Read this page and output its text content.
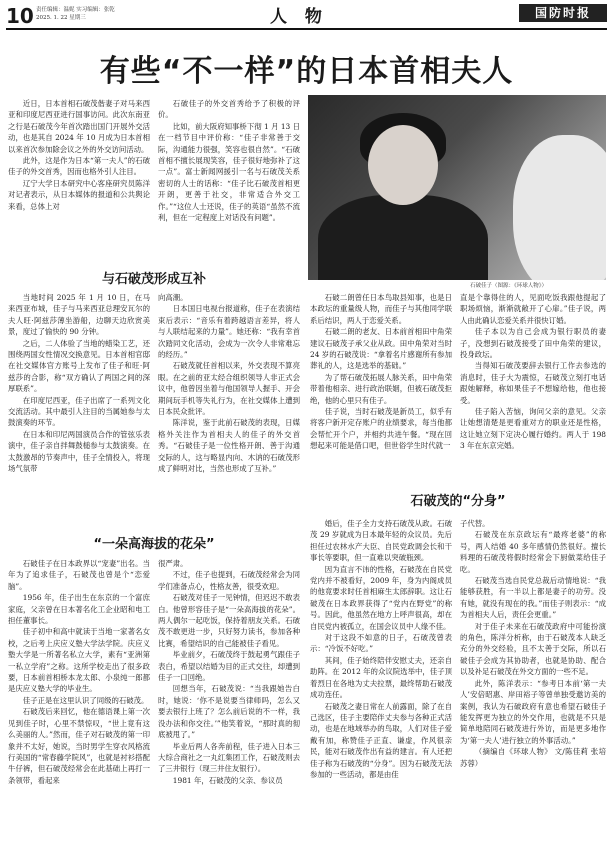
10 责任编辑：温妮 实习编辑：张乾
2025. 1. 22 星期三	人 物	国防时报
有些“不一样”的日本首相夫人
石破佳子（图源：《环球人物》）

近日，日本首相石破茂偕妻子对马来西亚和印度尼西亚进行国事访问。此次东南亚之行是石破茂今年首次踏出国门开展外交活动，也是其自 2024 年 10 月成为日本首相以来首次参加除会议之外的外交访问活动。

此外，这是作为日本“第一夫人”的石破佳子的外交首秀，因而也格外引人注目。

辽宁大学日本研究中心客座研究员陈洋对记者表示，从日本媒体的报道和公共舆论来看，总体上对

石破佳子的外交首秀给予了积极的评价。

比如，前大阪府知事桥下彻 1 月 13 日在一档节目中评价称：“佳子非常善于交际，沟通能力很强，笑容也很自然”。“石破首相不擅长展现笑容，佳子很好地弥补了这一点”。富士新闻网援引一名与石破茂关系密切的人士的话称：“佳子比石破茂首相更开朗，更善于社交，非常适合外交工作。”“这位人士还说，佳子的英语“虽然不流利，但在一定程度上对话没有问题”。

与石破茂形成互补

当地时间 2025 年 1 月 10 日，在马来西亚布城，佳子与马来西亚总理安瓦尔的夫人旺·阿兹莎薄坐游船，边聊天边欣赏美景，度过了愉快的 90 分钟。

之后，二人体验了当地的蜡染工艺，还围绕两国女性情况交换意见。日本首相官邸在社交媒体官方账号上发布了佳子和旺·阿兹莎的合影，称“双方确认了两国之间的深厚联系”。

在印度尼西亚，佳子出席了一系列文化交流活动。其中最引人注目的当属她参与太鼓演奏的环节。

在日本和印尼两国演员合作的管弦乐表演中，佳子亲自拌舞鼓槌参与太鼓演奏。在太鼓激昂的节奏声中，佳子全情投入，将现场气氛带

向高潮。

日本国日电视台报道称，佳子在表演结束后表示：“音乐有着跨越语言差异，将人与人联结起来的力量”。她还称：“我有幸首次踏同文化活动，会成为一次令人非常难忘的经历。”

石破茂就任首相以来，外交表现不算亮眼。在之前的亚太经合组织领导人非正式会议中，他曾因坐着与他国领导人握手、开会期间玩手机等失礼行为，在社交媒体上遭到日本民众批评。

陈洋说，鉴于此前石破茂的表现，日媒格外关注作为首相夫人的佳子的外交首秀。“石破佳子是一位性格开朗、善于沟通交际的人，这与略显内向、木讷的石破茂形成了鲜明对比，当然也形成了互补。”

石破二朗曾任日本鸟取县知事，也是日本政坛的重量级人物，而佳子与其他同学联系后结识，两人于恋爱关系。

石破二朗的老友、日本前首相田中角荣建议石破茂子承父业从政。田中角荣对当时 24 岁的石破茂说：“拿着名片感谢所有参加葬礼的人，这是选举的基础。”

为了帮石破茂拓展人脉关系，田中角荣带着他相亲、进行政治联姻，但被石破茂拒绝，他的心里只有佳子。

佳子说，当时石破茂是新员工，似乎有将客户新开定存账户的业绩要求，每当他都会帮忙开个户，并相约共进午餐。“现在回想起来可能是借口吧，但世俗学生时代就一

直是个靠得住的人，见面吃饭我跟他提起了职场烦恼，渐渐就敞开了心扉。”佳子说，两人由此确认恋爱关系并很快订婚。

佳子本以为自己会成为银行职员的妻子，没想到石破茂接受了田中角荣的建议，投身政坛。

当得知石破茂要辞去银行工作去参选的消息时，佳子大为震惊，石破茂立刻打电话跟她解释，称如果佳子不想嫁给他，他也接受。

佳子陷入苦恼，询问父亲的意见。父亲让她想清楚是更看重对方的职业还是性格，这让她立刻下定决心履行婚约。两人于 1983 年在东京完婚。

石破茂的“分身”
“一朵高海拔的花朵”

石破佳子在日本政界以“宠妻”出名。当年为了追求佳子，石破茂也曾是个“恋爱脑”。

1956 年，佳子出生在东京的一个富庶家庭，父亲曾在日本著名化工企业昭和电工担任董事长。

佳子初中和高中就读于当地一家著名女校，之后考上庆应义塾大学法学院。庆应义塾大学是一所著名私立大学，素有“亚洲第一私立学府”之称。这所学校走出了很多政要，日本前首相桥本龙太郎、小泉纯一郎都是庆应义塾大学的毕业生。

佳子正是在这里认识了同级的石破茂。

石破茂后来回忆，他在德语课上第一次见到佳子时，心里不禁惊叹，“世上竟有这么美丽的人。”然而，佳子对石破茂的第一印象并不太好，她说，当时男学生穿衣风格流行美国的“常春藤学院风”，也就是衬衫搭配牛仔裤，但石破茂经常会在此基础上再打一条领带，看起来

很严肃。

不过，佳子也提到，石破茂经常会为同学们准备点心，性格友善，很受欢迎。

石破茂对佳子一见钟情，但迟迟不敢表白。他曾形容佳子是“一朵高海拔的花朵”。两人偶尔一起吃饭，保持着朋友关系。石破茂不敢更进一步，只好努力读书，参加各种比赛，希望结识的自己能被佳子看见。

毕业前夕，石破茂终于鼓起勇气跟佳子表白，希望以结婚为目的正式交往，却遭到佳子一口回绝。

回想当年，石破茂说：“当我跟她告白时，她说：‘你不是说要当律师吗，怎么又要去银行上班了？怎么前后说的不一样，我没办法和你交往。’”他笑着说，“那时真的彻底被甩了。”

毕业后两人各奔前程，佳子进入日本三大综合商社之一丸红集团工作，石破茂则去了三井银行（现三井住友银行）。

1981 年，石破茂的父亲、参议员

婚后，佳子全力支持石破茂从政。石破茂 29 岁就成为日本最年轻的众议员。先后担任过农林水产大臣、自民党政调会长和干事长等要职，但一直难以突破瓶颈。

因为直言不讳的性格，石破茂在自民党党内并不被看好，2009 年，身为内阁成员的他竟要求时任首相麻生太郎辞职。这让石破茂在日本政界获得了“党内在野党”的称号。因此，他虽然在地方上呼声很高，却在自民党内被孤立，在国会议员中人缘不佳。

对于这段不如意的日子，石破茂曾表示：“冷饭不好吃。”

其间，佳子始终陪伴安慰丈夫，还亲自助阵。在 2012 年的众议院选举中，佳子顶着烈日在各地为丈夫拉票，最终帮助石破茂成功连任。

石破茂之妻日常在人前露面，除了在自己选区，佳子主要陪伴丈夫参与各种正式活动，也是在地域举办的鸟取，人们对佳子爱戴有加，称赞佳子正直、谦虚，作风很亲民，能对石破茂作出有益的建言。有人还把佳子称为石破茂的“分身”。因为石破茂无法参加的一些活动，都是由佳

子代替。

石破茂在东京政坛有“最疼老婆”的称号，两人结婚 40 多年感情仍然很好。擅长料理的石破茂将假时经常会下厨做菜给佳子吃。

石破茂当选自民党总裁后动情地说：“我能够获胜，有一半以上都是妻子的功劳。没有她，就没有现在的我。”而佳子则表示：“成为首相夫人后，责任会更重。”

对于佳子未来在石破茂政府中可能扮演的角色，陈洋分析称，由于石破茂本人缺乏充分的外交经验，且不太善于交际，所以石破佳子会成为其协助者，也就是协助、配合以及补足石破茂在外交方面的一些不足。

此外，陈洋表示：“参考日本前‘第一夫人’安倍昭惠、岸田裕子等曾单独受邀访美的案例，我认为石破政府有意也希望石破佳子能发挥更为独立的外交作用，也就是不只是简单地陪同石破茂进行外访，而是更多地作为‘第一夫人’进行独立的外事活动。”

（摘编自《环球人物》 文/陈佳莉 张培 苏蓉）
